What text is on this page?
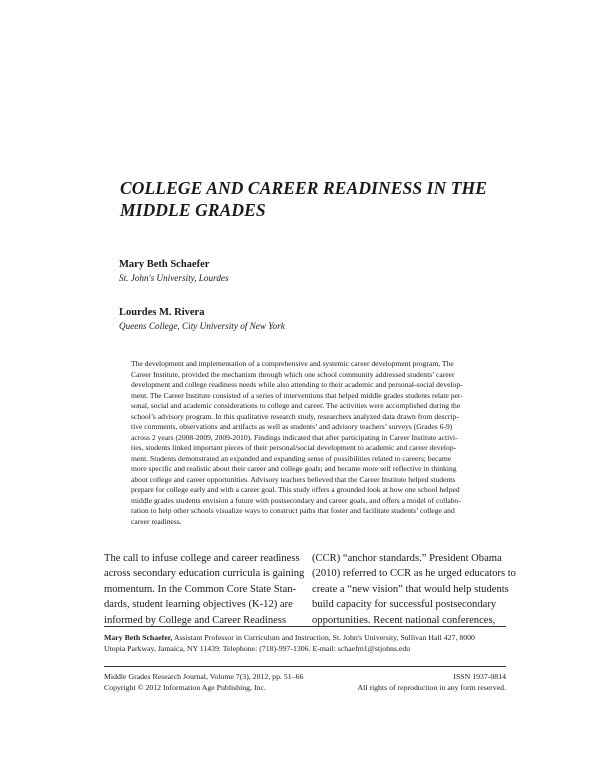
COLLEGE AND CAREER READINESS IN THE
MIDDLE GRADES
Mary Beth Schaefer
St. John's University, Lourdes
Lourdes M. Rivera
Queens College, City University of New York
The development and implementation of a comprehensive and systemic career development program, The
Career Institute, provided the mechanism through which one school community addressed students’ career
development and college readiness needs while also attending to their academic and personal-social develop-
ment. The Career Institute consisted of a series of interventions that helped middle grades students relate per-
sonal, social and academic considerations to college and career. The activities were accomplished during the
school’s advisory program. In this qualitative research study, researchers analyzed data drawn from descrip-
tive comments, observations and artifacts as well as students’ and advisory teachers’ surveys (Grades 6-9)
across 2 years (2008-2009, 2009-2010). Findings indicated that after participating in Career Institute activi-
ties, students linked important pieces of their personal/social development to academic and career develop-
ment. Students demonstrated an expanded and expanding sense of possibilities related to careers; became
more specific and realistic about their career and college goals; and became more self reflective in thinking
about college and career opportunities. Advisory teachers believed that the Career Institute helped students
prepare for college early and with a career goal. This study offers a grounded look at how one school helped
middle grades students envision a future with postsecondary and career goals, and offers a model of collabo-
ration to help other schools visualize ways to construct paths that foster and facilitate students’ college and
career readiness.
The call to infuse college and career readiness
across secondary education curricula is gaining
momentum. In the Common Core State Stan-
dards, student learning objectives (K-12) are
informed by College and Career Readiness
(CCR) “anchor standards.” President Obama
(2010) referred to CCR as he urged educators to
create a “new vision” that would help students
build capacity for successful postsecondary
opportunities. Recent national conferences,
Mary Beth Schaefer, Assistant Professor in Curriculum and Instruction, St. John's University, Sullivan Hall 427, 8000
Utopia Parkway, Jamaica, NY 11439. Telephone: (718)-997-1306. E-mail: schaefm1@stjohns.edu
Middle Grades Research Journal, Volume 7(3), 2012, pp. 51–66
Copyright © 2012 Information Age Publishing, Inc.
ISSN 1937-0814
All rights of reproduction in any form reserved.
